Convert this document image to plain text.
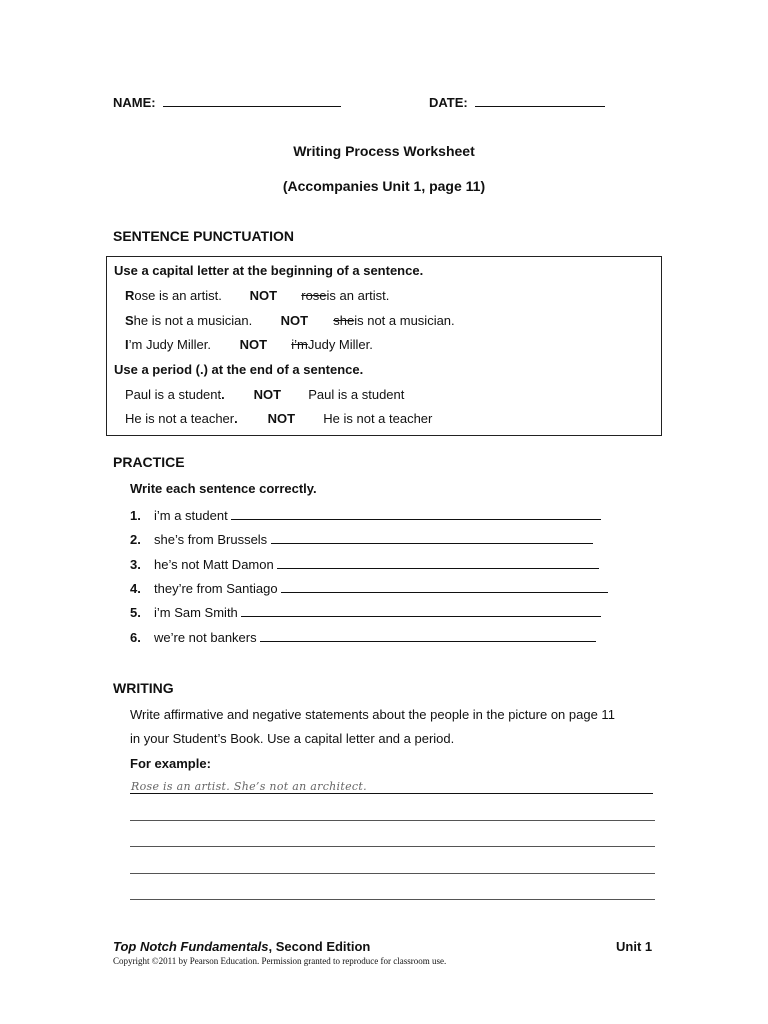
NAME:	DATE:
Writing Process Worksheet
(Accompanies Unit 1, page 11)
SENTENCE PUNCTUATION
Use a capital letter at the beginning of a sentence.
Rose is an artist. NOT roseis an artist.
She is not a musician. NOT sheis not a musician.
I’m Judy Miller. NOT i’mJudy Miller.
Use a period (.) at the end of a sentence.
Paul is a student. NOT Paul is a student
He is not a teacher. NOT He is not a teacher
PRACTICE
Write each sentence correctly.
1. i’m a student
2. she’s from Brussels
3. he’s not Matt Damon
4. they’re from Santiago
5. i’m Sam Smith
6. we’re not bankers
WRITING
Write affirmative and negative statements about the people in the picture on page 11
in your Student’s Book. Use a capital letter and a period.
For example:
Rose is an artist. She’s not an architect.
Top Notch Fundamentals, Second Edition	Unit 1
Copyright ©2011 by Pearson Education. Permission granted to reproduce for classroom use.
